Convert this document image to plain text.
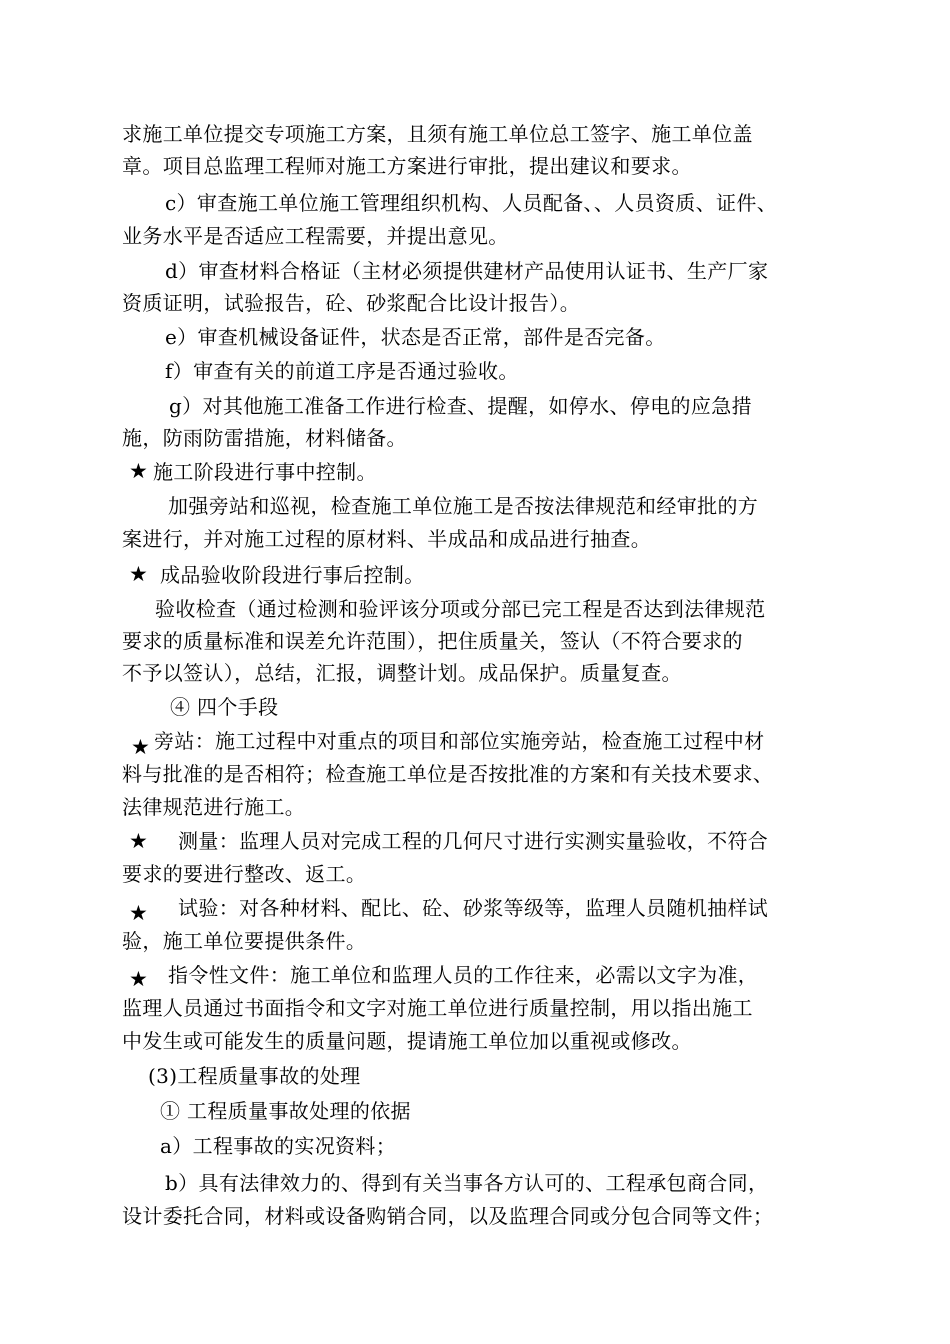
求施工单位提交专项施工方案，且须有施工单位总工签字、施工单位盖
章。项目总监理工程师对施工方案进行审批，提出建议和要求。
c）审查施工单位施工管理组织机构、人员配备、、人员资质、证件、
业务水平是否适应工程需要，并提出意见。
d）审查材料合格证（主材必须提供建材产品使用认证书、生产厂家
资质证明，试验报告，砼、砂浆配合比设计报告）。
e）审查机械设备证件，状态是否正常，部件是否完备。
f）审查有关的前道工序是否通过验收。
g）对其他施工准备工作进行检查、提醒，如停水、停电的应急措
施，防雨防雷措施，材料储备。
★ 施工阶段进行事中控制。
加强旁站和巡视，检查施工单位施工是否按法律规范和经审批的方
案进行，并对施工过程的原材料、半成品和成品进行抽查。
★ 成品验收阶段进行事后控制。
验收检查（通过检测和验评该分项或分部已完工程是否达到法律规范
要求的质量标准和误差允许范围），把住质量关，签认（不符合要求的
不予以签认），总结，汇报，调整计划。成品保护。质量复查。
④ 四个手段
★ 旁站：施工过程中对重点的项目和部位实施旁站，检查施工过程中材
料与批准的是否相符；检查施工单位是否按批准的方案和有关技术要求、
法律规范进行施工。
★ 测量：监理人员对完成工程的几何尺寸进行实测实量验收，不符合
要求的要进行整改、返工。
★ 试验：对各种材料、配比、砼、砂浆等级等，监理人员随机抽样试
验，施工单位要提供条件。
★ 指令性文件：施工单位和监理人员的工作往来，必需以文字为准，
监理人员通过书面指令和文字对施工单位进行质量控制，用以指出施工
中发生或可能发生的质量问题，提请施工单位加以重视或修改。
(3)工程质量事故的处理
① 工程质量事故处理的依据
a）工程事故的实况资料；
b）具有法律效力的、得到有关当事各方认可的、工程承包商合同，
设计委托合同，材料或设备购销合同，以及监理合同或分包合同等文件；
